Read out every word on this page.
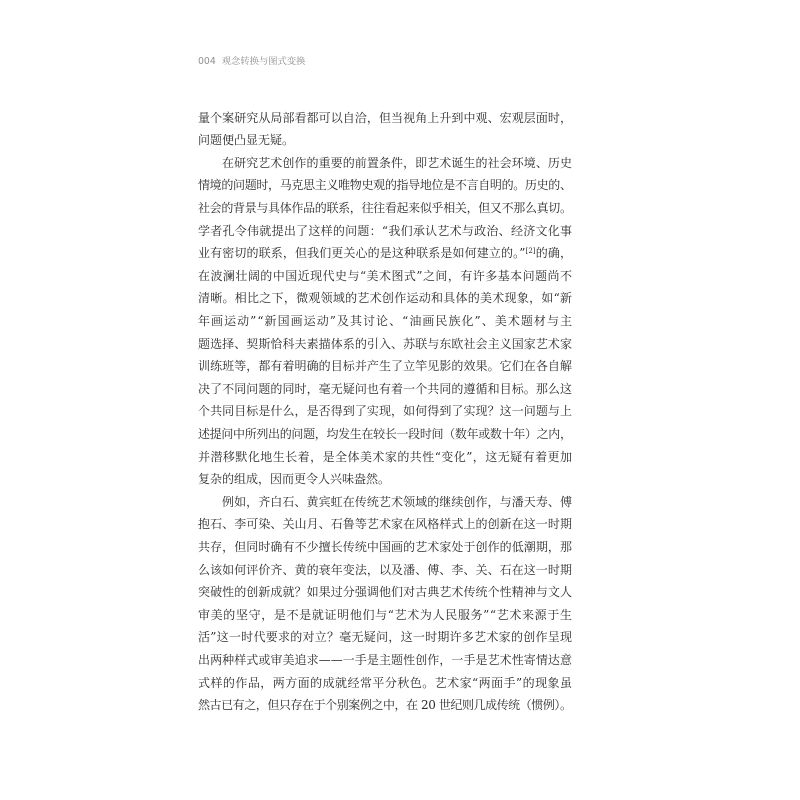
004 观念转换与图式变换
量个案研究从局部看都可以自洽，但当视角上升到中观、宏观层面时，
问题便凸显无疑。
在研究艺术创作的重要的前置条件，即艺术诞生的社会环境、历史
情境的问题时，马克思主义唯物史观的指导地位是不言自明的。历史的、
社会的背景与具体作品的联系，往往看起来似乎相关，但又不那么真切。
学者孔令伟就提出了这样的问题：“我们承认艺术与政治、经济文化事
业有密切的联系，但我们更关心的是这种联系是如何建立的。”[2]的确，
在波澜壮阔的中国近现代史与“美术图式”之间，有许多基本问题尚不
清晰。相比之下，微观领域的艺术创作运动和具体的美术现象，如“新
年画运动”“新国画运动”及其讨论、“油画民族化”、美术题材与主
题选择、契斯恰科夫素描体系的引入、苏联与东欧社会主义国家艺术家
训练班等，都有着明确的目标并产生了立竿见影的效果。它们在各自解
决了不同问题的同时，毫无疑问也有着一个共同的遵循和目标。那么这
个共同目标是什么，是否得到了实现，如何得到了实现？这一问题与上
述提问中所列出的问题，均发生在较长一段时间（数年或数十年）之内，
并潜移默化地生长着，是全体美术家的共性“变化”，这无疑有着更加
复杂的组成，因而更令人兴味盎然。
例如，齐白石、黄宾虹在传统艺术领域的继续创作，与潘天寿、傅
抱石、李可染、关山月、石鲁等艺术家在风格样式上的创新在这一时期
共存，但同时确有不少擅长传统中国画的艺术家处于创作的低潮期，那
么该如何评价齐、黄的衰年变法，以及潘、傅、李、关、石在这一时期
突破性的创新成就？如果过分强调他们对古典艺术传统个性精神与文人
审美的坚守，是不是就证明他们与“艺术为人民服务”“艺术来源于生
活”这一时代要求的对立？毫无疑问，这一时期许多艺术家的创作呈现
出两种样式或审美追求——一手是主题性创作，一手是艺术性寄情达意
式样的作品，两方面的成就经常平分秋色。艺术家“两面手”的现象虽
然古已有之，但只存在于个别案例之中，在 20 世纪则几成传统（惯例）。
